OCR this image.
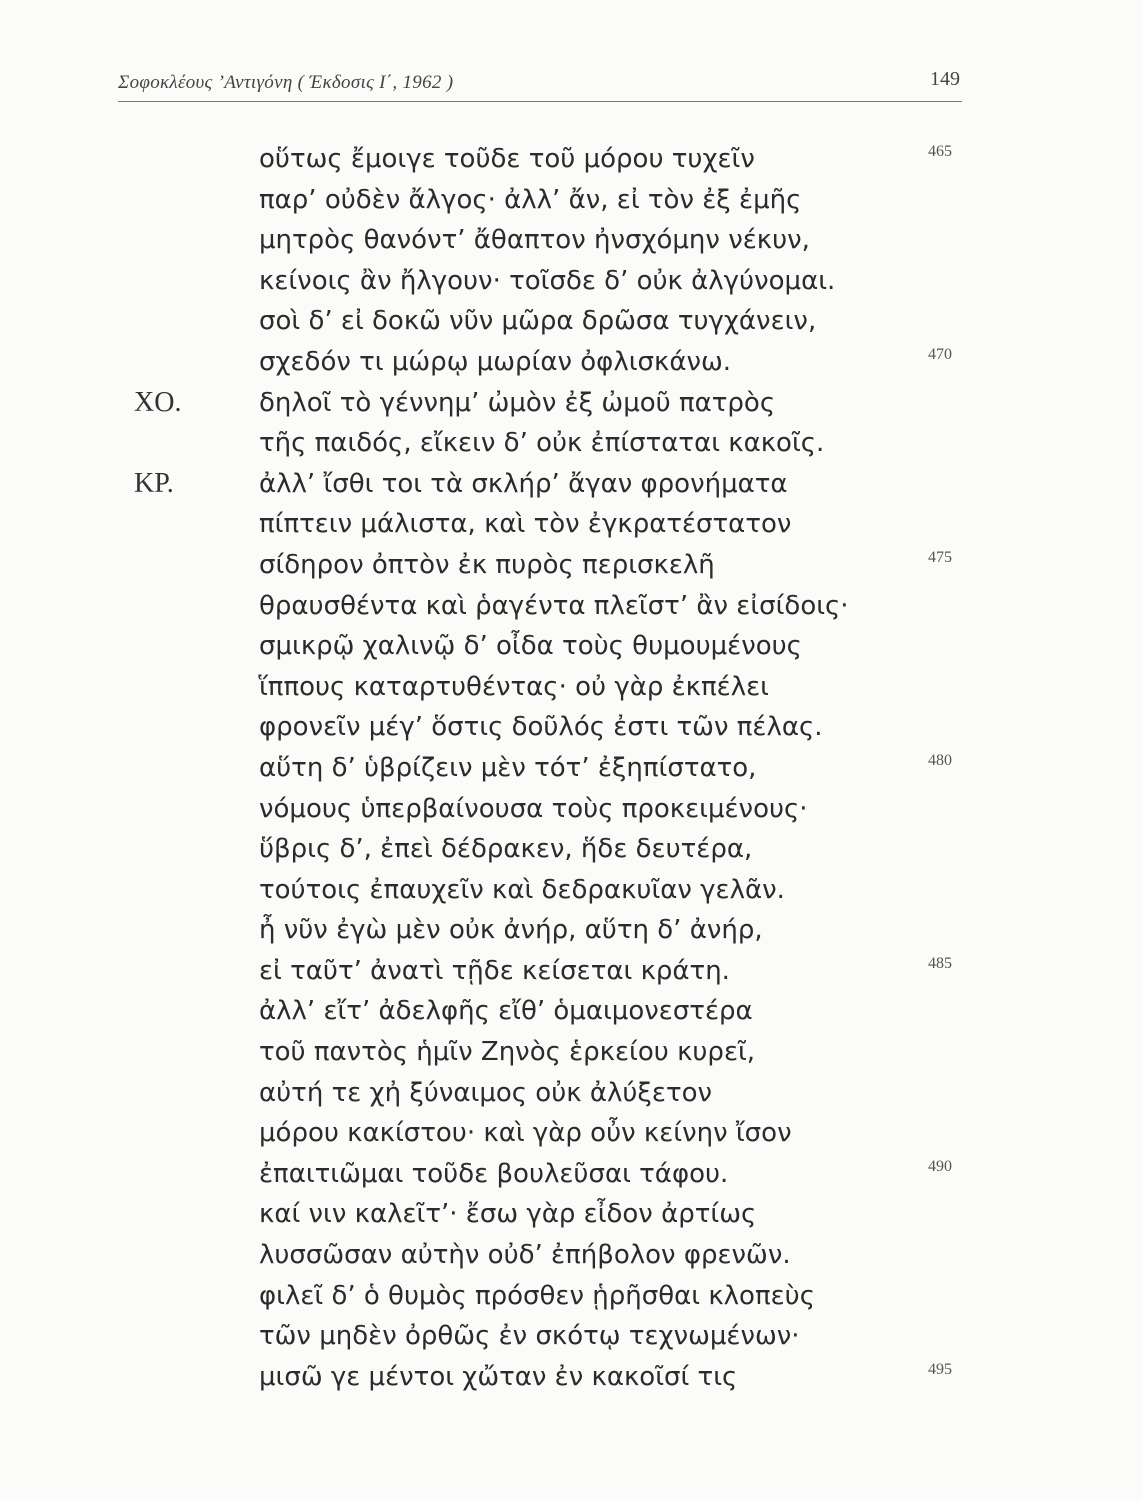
Σοφοκλέους ’Αντιγόνη ( Έκδοσις Ι΄, 1962 )	149
οὕτως ἔμοιγε τοῦδε τοῦ μόρου τυχεῖν	465
παρ’ οὐδὲν ἄλγος· ἀλλ’ ἄν, εἰ τὸν ἐξ ἐμῆς
μητρὸς θανόντ’ ἄθαπτον ἠνσχόμην νέκυν,
κείνοις ἂν ἤλγουν· τοῖσδε δ’ οὐκ ἀλγύνομαι.
σοὶ δ’ εἰ δοκῶ νῦν μῶρα δρῶσα τυγχάνειν,
σχεδόν τι μώρῳ μωρίαν ὀφλισκάνω.	470
ΧΟ.	δηλοῖ τὸ γέννημ’ ὠμὸν ἐξ ὠμοῦ πατρὸς
τῆς παιδός, εἴκειν δ’ οὐκ ἐπίσταται κακοῖς.
ΚΡ.	ἀλλ’ ἴσθι τοι τὰ σκλήρ’ ἄγαν φρονήματα
πίπτειν μάλιστα, καὶ τὸν ἐγκρατέστατον
σίδηρον ὀπτὸν ἐκ πυρὸς περισκελῆ	475
θραυσθέντα καὶ ῥαγέντα πλεῖστ’ ἂν εἰσίδοις·
σμικρῷ χαλινῷ δ’ οἶδα τοὺς θυμουμένους
ἵππους καταρτυθέντας· οὐ γὰρ ἐκπέλει
φρονεῖν μέγ’ ὅστις δοῦλός ἐστι τῶν πέλας.
αὕτη δ’ ὑβρίζειν μὲν τότ’ ἐξηπίστατο,	480
νόμους ὑπερβαίνουσα τοὺς προκειμένους·
ὕβρις δ’, ἐπεὶ δέδρακεν, ἥδε δευτέρα,
τούτοις ἐπαυχεῖν καὶ δεδρακυῖαν γελᾶν.
ἦ νῦν ἐγὼ μὲν οὐκ ἀνήρ, αὕτη δ’ ἀνήρ,
εἰ ταῦτ’ ἀνατὶ τῇδε κείσεται κράτη.	485
ἀλλ’ εἴτ’ ἀδελφῆς εἴθ’ ὁμαιμονεστέρα
τοῦ παντὸς ἡμῖν Ζηνὸς ἑρκείου κυρεῖ,
αὐτή τε χἠ ξύναιμος οὐκ ἀλύξετον
μόρου κακίστου· καὶ γὰρ οὖν κείνην ἴσον
ἐπαιτιῶμαι τοῦδε βουλεῦσαι τάφου.	490
καί νιν καλεῖτ’· ἔσω γὰρ εἶδον ἀρτίως
λυσσῶσαν αὐτὴν οὐδ’ ἐπήβολον φρενῶν.
φιλεῖ δ’ ὁ θυμὸς πρόσθεν ᾑρῆσθαι κλοπεὺς
τῶν μηδὲν ὀρθῶς ἐν σκότῳ τεχνωμένων·
μισῶ γε μέντοι χὤταν ἐν κακοῖσί τις	495
